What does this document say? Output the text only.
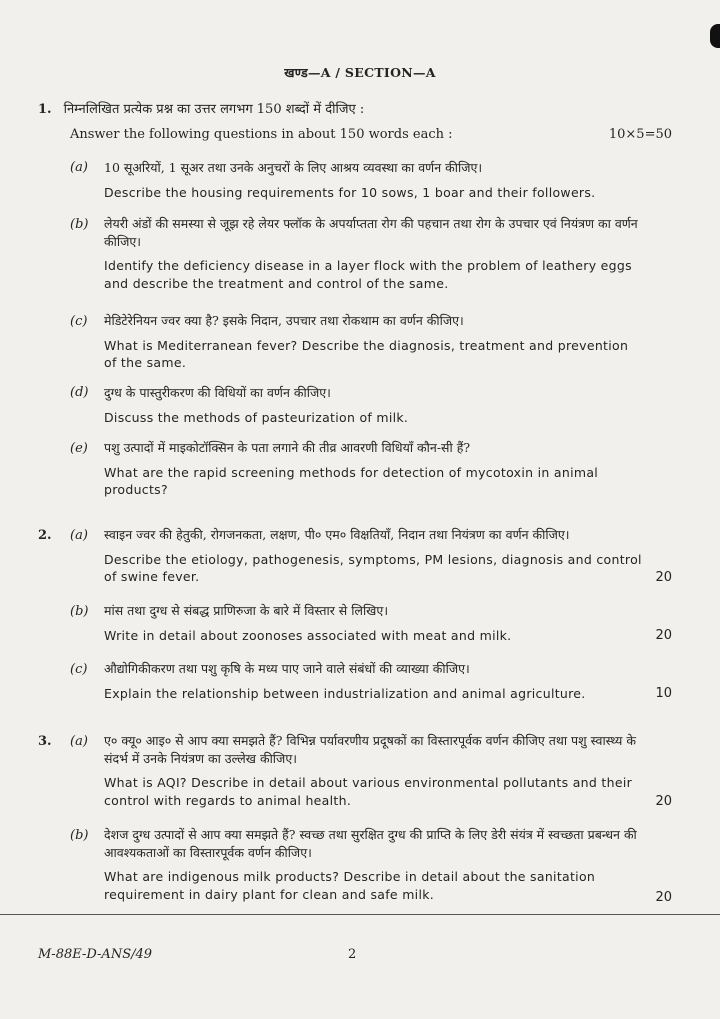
खण्ड—A / SECTION—A
1. निम्नलिखित प्रत्येक प्रश्न का उत्तर लगभग 150 शब्दों में दीजिए :
Answer the following questions in about 150 words each :	10×5=50
(a) 10 सूअरियों, 1 सूअर तथा उनके अनुचरों के लिए आश्रय व्यवस्था का वर्णन कीजिए।
Describe the housing requirements for 10 sows, 1 boar and their followers.
(b) लेयरी अंडों की समस्या से जूझ रहे लेयर फ्लॉक के अपर्याप्तता रोग की पहचान तथा रोग के उपचार एवं नियंत्रण का वर्णन कीजिए।
Identify the deficiency disease in a layer flock with the problem of leathery eggs and describe the treatment and control of the same.
(c) मेडिटेरेनियन ज्वर क्या है? इसके निदान, उपचार तथा रोकथाम का वर्णन कीजिए।
What is Mediterranean fever? Describe the diagnosis, treatment and prevention of the same.
(d) दुग्ध के पास्तुरीकरण की विधियों का वर्णन कीजिए।
Discuss the methods of pasteurization of milk.
(e) पशु उत्पादों में माइकोटॉक्सिन के पता लगाने की तीव्र आवरणी विधियाँ कौन-सी हैं?
What are the rapid screening methods for detection of mycotoxin in animal products?
2. (a) स्वाइन ज्वर की हेतुकी, रोगजनकता, लक्षण, पी० एम० विक्षतियाँ, निदान तथा नियंत्रण का वर्णन कीजिए।
Describe the etiology, pathogenesis, symptoms, PM lesions, diagnosis and control of swine fever.	20
(b) मांस तथा दुग्ध से संबद्ध प्राणिरुजा के बारे में विस्तार से लिखिए।
Write in detail about zoonoses associated with meat and milk.	20
(c) औद्योगिकीकरण तथा पशु कृषि के मध्य पाए जाने वाले संबंधों की व्याख्या कीजिए।
Explain the relationship between industrialization and animal agriculture.	10
3. (a) ए० क्यू० आइ० से आप क्या समझते हैं? विभिन्न पर्यावरणीय प्रदूषकों का विस्तारपूर्वक वर्णन कीजिए तथा पशु स्वास्थ्य के संदर्भ में उनके नियंत्रण का उल्लेख कीजिए।
What is AQI? Describe in detail about various environmental pollutants and their control with regards to animal health.	20
(b) देशज दुग्ध उत्पादों से आप क्या समझते हैं? स्वच्छ तथा सुरक्षित दुग्ध की प्राप्ति के लिए डेरी संयंत्र में स्वच्छता प्रबन्धन की आवश्यकताओं का विस्तारपूर्वक वर्णन कीजिए।
What are indigenous milk products? Describe in detail about the sanitation requirement in dairy plant for clean and safe milk.	20
M-88E-D-ANS/49	2
